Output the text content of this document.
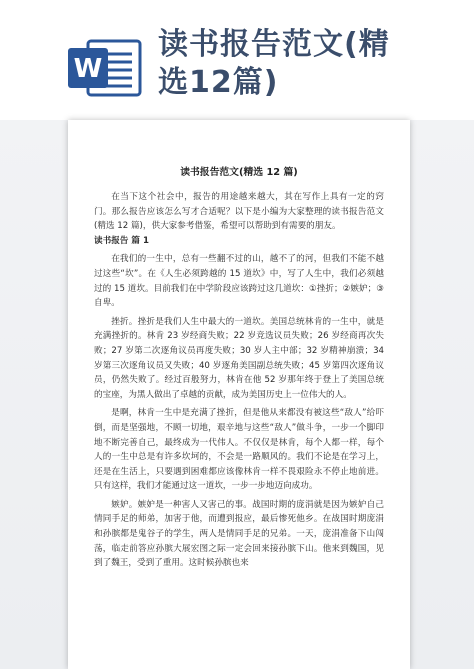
W
读书报告范文(精
选12篇)
读书报告范文(精选 12 篇)

在当下这个社会中，报告的用途越来越大，其在写作上具有一定的窍门。那么报告应该怎么写才合适呢？以下是小编为大家整理的读书报告范文(精选 12 篇)，供大家参考借鉴，希望可以帮助到有需要的朋友。

读书报告 篇 1

在我们的一生中，总有一些翻不过的山，越不了的河，但我们不能不越过这些“坎”。在《人生必须跨越的 15 道坎》中，写了人生中，我们必须越过的 15 道坎。目前我们在中学阶段应该跨过这几道坎：①挫折；②嫉妒；③自卑。

挫折。挫折是我们人生中最大的一道坎。美国总统林肯的一生中，就是充满挫折的。林肯 23 岁经商失败；22 岁竞选议员失败；26 岁经商再次失败；27 岁第二次逐角议员再度失败；30 岁人主中部；32 岁精神崩溃；34 岁第三次逐角议员又失败；40 岁逐角美国副总统失败；45 岁第四次逐角议员，仍然失败了。经过百般努力，林肯在他 52 岁那年终于登上了美国总统的宝座，为黑人做出了卓越的贡献，成为美国历史上一位伟大的人。

是啊，林肯一生中是充满了挫折，但是他从来都没有被这些“敌人”给吓倒，而是坚强地，不顾一切地，艰辛地与这些“敌人”做斗争，一步一个脚印地不断完善自己，最终成为一代伟人。不仅仅是林肯，每个人都一样，每个人的一生中总是有许多坎坷的，不会是一路顺风的。我们不论是在学习上，还是在生活上，只要遇到困难都应该像林肯一样不畏艰险永不停止地前进。只有这样，我们才能通过这一道坎，一步一步地迈向成功。

嫉妒。嫉妒是一种害人又害己的事。战国时期的庞涓就是因为嫉妒自己情同手足的师弟，加害于他，而遭到报应，最后惨死他乡。在战国时期庞涓和孙膑都是鬼谷子的学生，两人是情同手足的兄弟。一天，庞涓准备下山闯荡，临走前答应孙膑大展宏图之际一定会回来接孙膑下山。他来到魏国，见到了魏王，受到了重用。这时候孙膑也来
